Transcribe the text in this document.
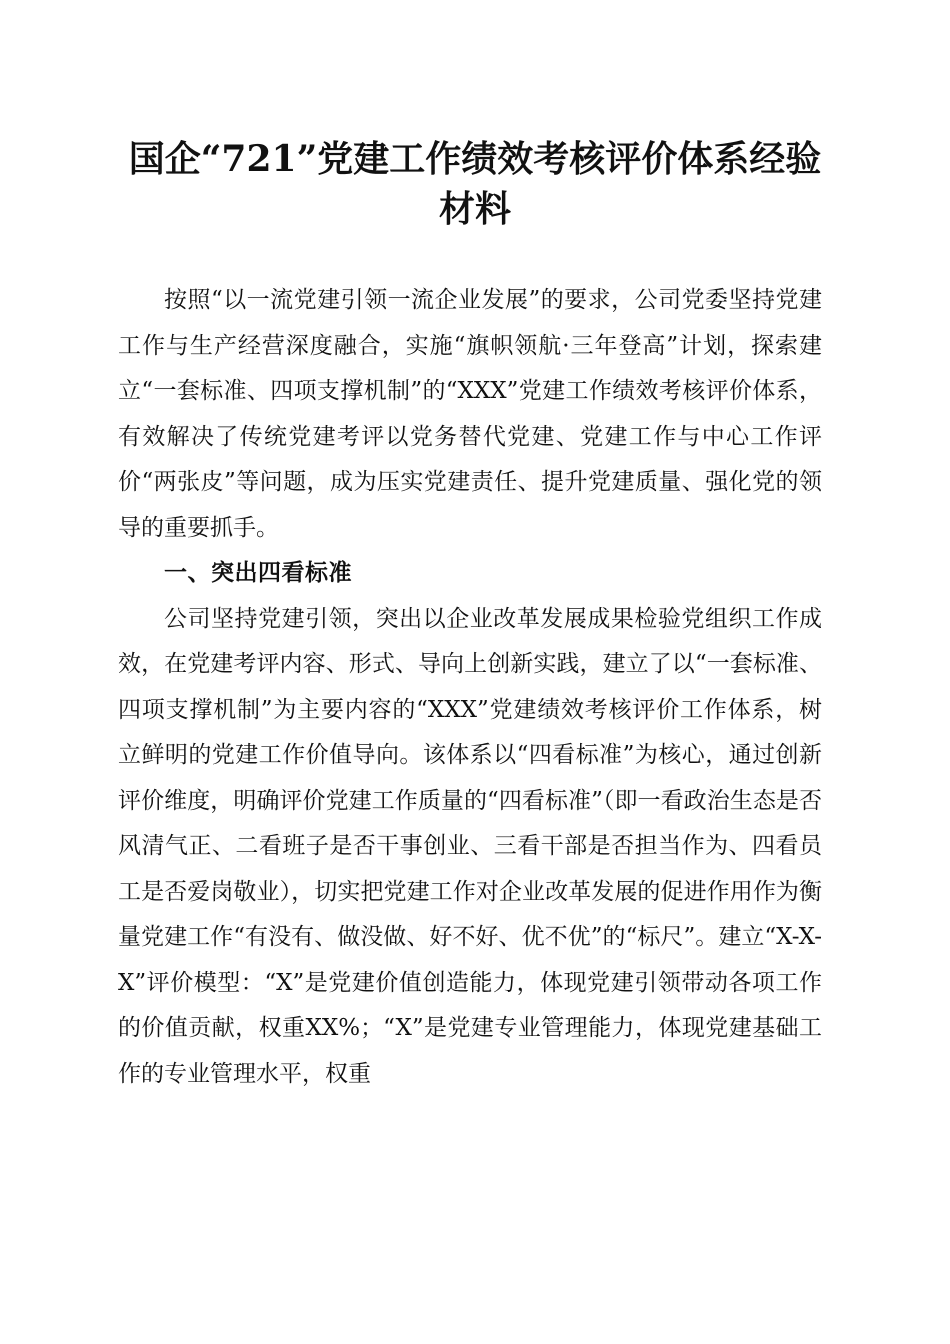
国企“721”党建工作绩效考核评价体系经验材料

按照“以一流党建引领一流企业发展”的要求，公司党委坚持党建工作与生产经营深度融合，实施“旗帜领航·三年登高”计划，探索建立“一套标准、四项支撑机制”的“XXX”党建工作绩效考核评价体系，有效解决了传统党建考评以党务替代党建、党建工作与中心工作评价“两张皮”等问题，成为压实党建责任、提升党建质量、强化党的领导的重要抓手。

一、突出四看标准

公司坚持党建引领，突出以企业改革发展成果检验党组织工作成效，在党建考评内容、形式、导向上创新实践，建立了以“一套标准、四项支撑机制”为主要内容的“XXX”党建绩效考核评价工作体系，树立鲜明的党建工作价值导向。该体系以“四看标准”为核心，通过创新评价维度，明确评价党建工作质量的“四看标准”（即一看政治生态是否风清气正、二看班子是否干事创业、三看干部是否担当作为、四看员工是否爱岗敬业），切实把党建工作对企业改革发展的促进作用作为衡量党建工作“有没有、做没做、好不好、优不优”的“标尺”。建立“X-X-X”评价模型：“X”是党建价值创造能力，体现党建引领带动各项工作的价值贡献，权重XX%；“X”是党建专业管理能力，体现党建基础工作的专业管理水平，权重
